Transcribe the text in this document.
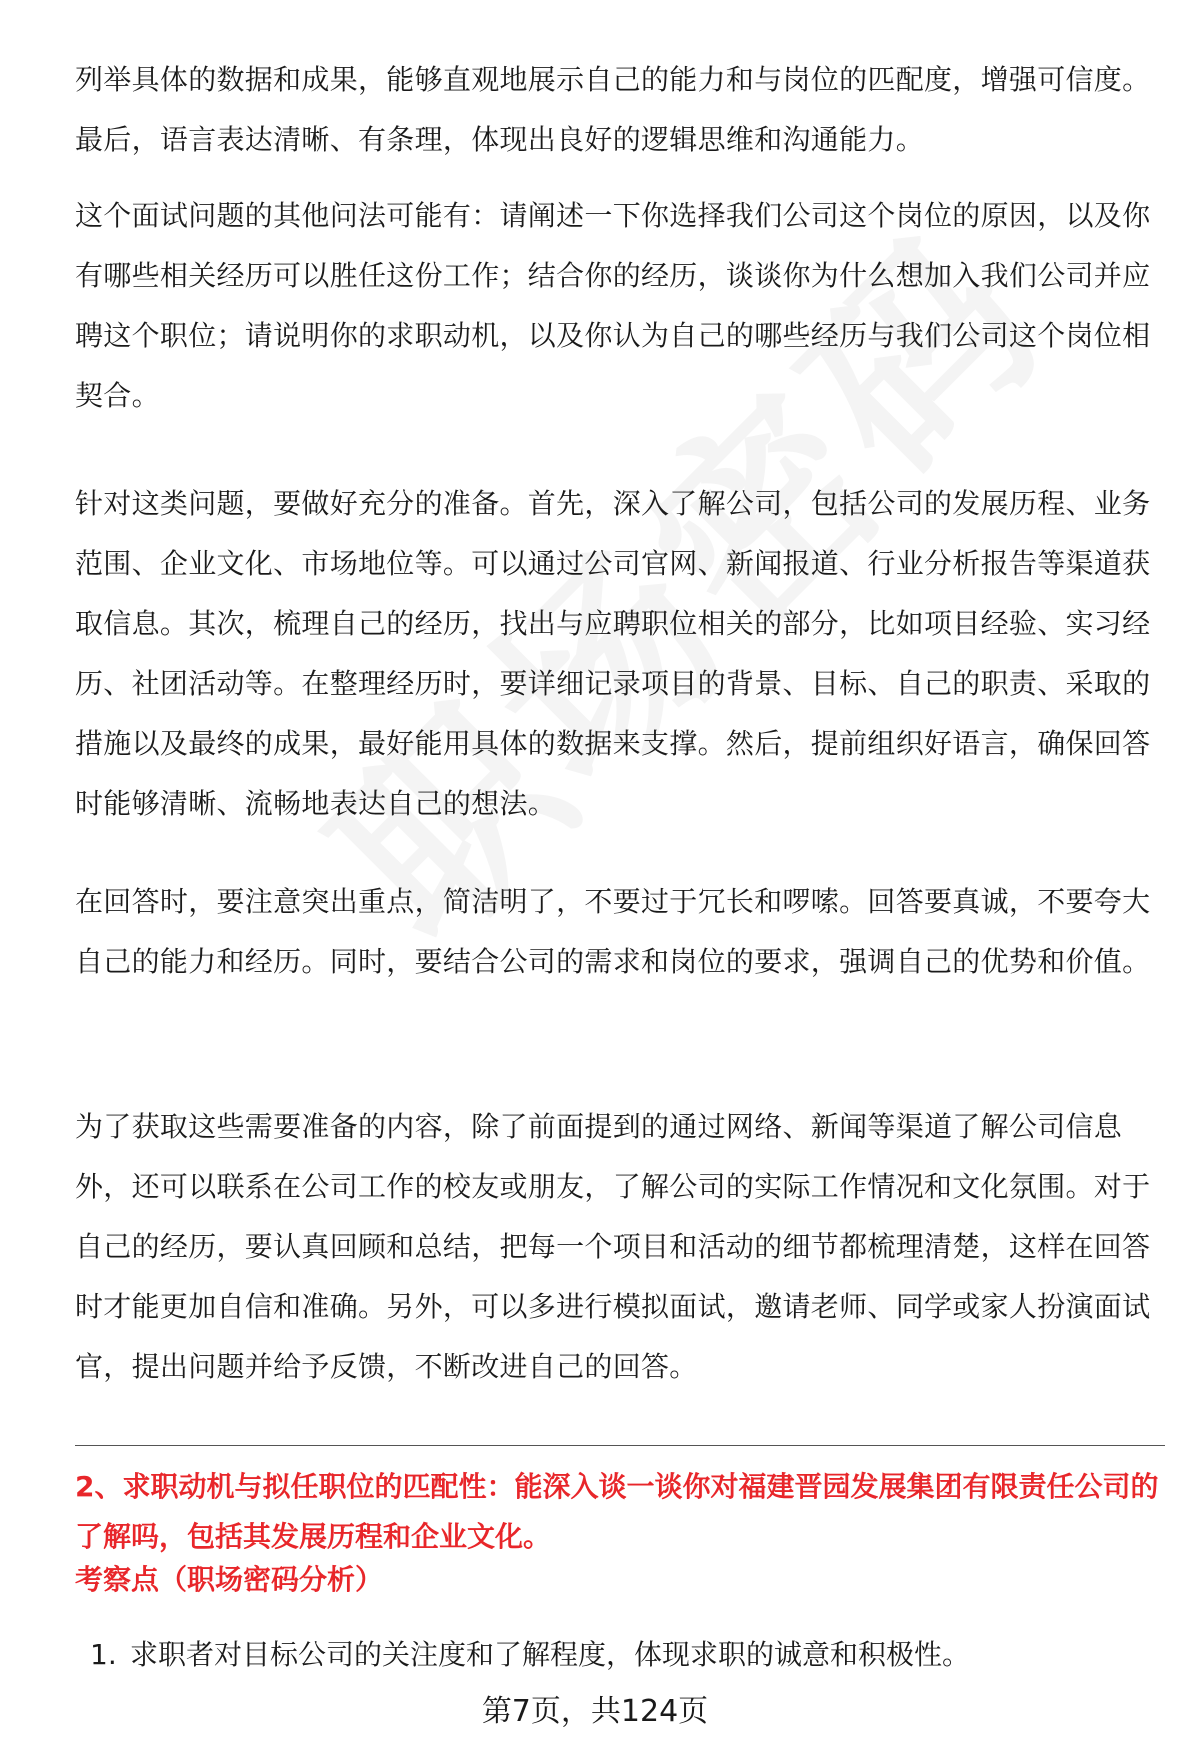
列举具体的数据和成果，能够直观地展示自己的能力和与岗位的匹配度，增强可信度。最后，语言表达清晰、有条理，体现出良好的逻辑思维和沟通能力。

这个面试问题的其他问法可能有：请阐述一下你选择我们公司这个岗位的原因，以及你有哪些相关经历可以胜任这份工作；结合你的经历，谈谈你为什么想加入我们公司并应聘这个职位；请说明你的求职动机，以及你认为自己的哪些经历与我们公司这个岗位相契合。

针对这类问题，要做好充分的准备。首先，深入了解公司，包括公司的发展历程、业务范围、企业文化、市场地位等。可以通过公司官网、新闻报道、行业分析报告等渠道获取信息。其次，梳理自己的经历，找出与应聘职位相关的部分，比如项目经验、实习经历、社团活动等。在整理经历时，要详细记录项目的背景、目标、自己的职责、采取的措施以及最终的成果，最好能用具体的数据来支撑。然后，提前组织好语言，确保回答时能够清晰、流畅地表达自己的想法。

在回答时，要注意突出重点，简洁明了，不要过于冗长和啰嗦。回答要真诚，不要夸大自己的能力和经历。同时，要结合公司的需求和岗位的要求，强调自己的优势和价值。

为了获取这些需要准备的内容，除了前面提到的通过网络、新闻等渠道了解公司信息外，还可以联系在公司工作的校友或朋友，了解公司的实际工作情况和文化氛围。对于自己的经历，要认真回顾和总结，把每一个项目和活动的细节都梳理清楚，这样在回答时才能更加自信和准确。另外，可以多进行模拟面试，邀请老师、同学或家人扮演面试官，提出问题并给予反馈，不断改进自己的回答。

2、求职动机与拟任职位的匹配性：能深入谈一谈你对福建晋园发展集团有限责任公司的了解吗，包括其发展历程和企业文化。

考察点（职场密码分析）

1. 求职者对目标公司的关注度和了解程度，体现求职的诚意和积极性。

第7页，共124页
